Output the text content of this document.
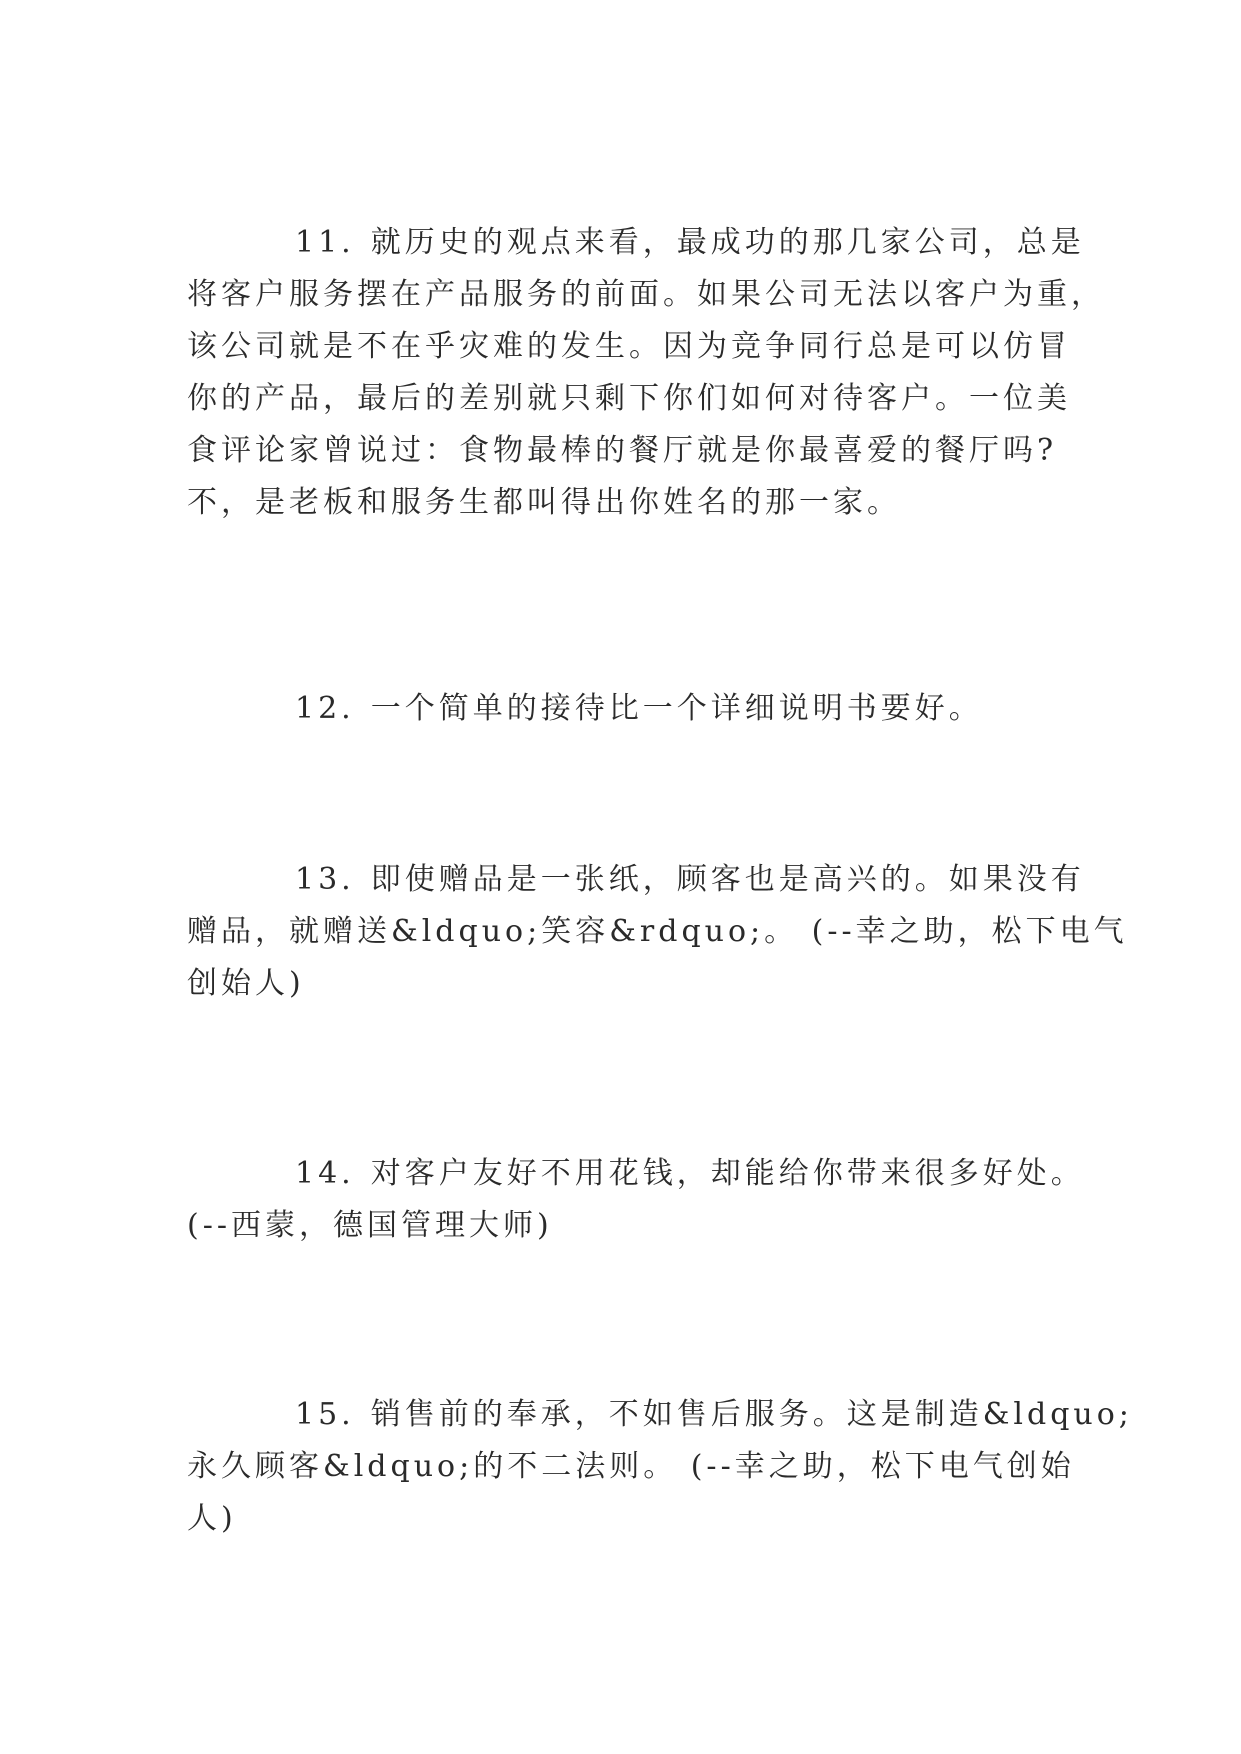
11. 就历史的观点来看，最成功的那几家公司，总是
将客户服务摆在产品服务的前面。如果公司无法以客户为重，
该公司就是不在乎灾难的发生。因为竞争同行总是可以仿冒
你的产品，最后的差别就只剩下你们如何对待客户。一位美
食评论家曾说过：食物最棒的餐厅就是你最喜爱的餐厅吗?
不，是老板和服务生都叫得出你姓名的那一家。
12. 一个简单的接待比一个详细说明书要好。
13. 即使赠品是一张纸，顾客也是高兴的。如果没有
赠品，就赠送&ldquo;笑容&rdquo;。 (--幸之助，松下电气
创始人)
14. 对客户友好不用花钱，却能给你带来很多好处。
(--西蒙，德国管理大师)
15. 销售前的奉承，不如售后服务。这是制造&ldquo;
永久顾客&ldquo;的不二法则。 (--幸之助，松下电气创始
人)
